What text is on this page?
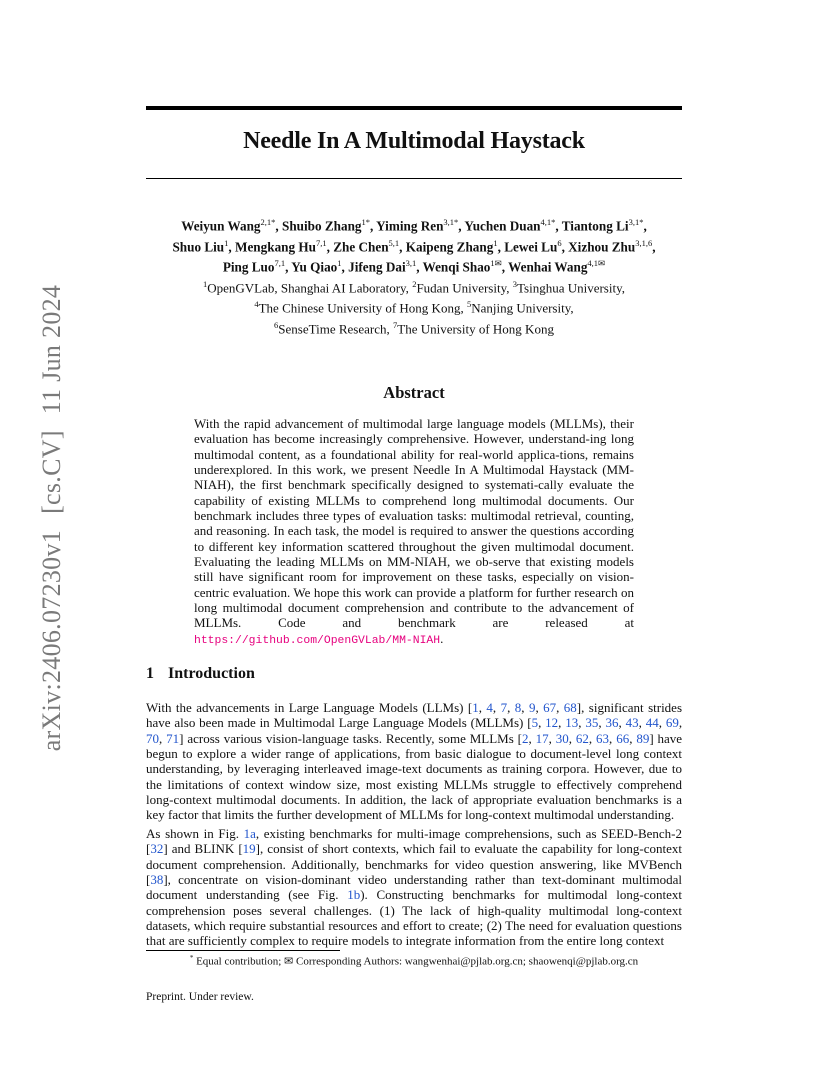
Needle In A Multimodal Haystack
arXiv:2406.07230v1[cs.CV]11 Jun 2024
Weiyun Wang$^{2,1*}$, Shuibo Zhang$^{1*}$, Yiming Ren$^{3,1*}$, Yuchen Duan$^{4,1*}$, Tiantong $Li^{3,1*}$,
Shuo Liu$^1$, Mengkang Hu$^{7,1}$, Zhe Chen$^{5,1}$, Kaipeng Zhang$^1$, Lewei Lu$^6$, Xizhou Zhu$^{3,1,6}$,
Ping Luo$^{7,1}$, Yu Qiao$^1$, Jifeng Dai$^{3,1}$, Wenqi Shao$^{1✉}$, Wenhai Wang$^{4,1✉}$
$^1$OpenGVLab, Shanghai AI Laboratory, $^2$Fudan University, $^3$Tsinghua University,
$^4$The Chinese University of Hong Kong, $^5$Nanjing University,
$^6$SenseTime Research, $^7$The University of Hong Kong
Abstract
With the rapid advancement of multimodal large language models (MLLMs), their evaluation has become increasingly comprehensive. However, understand-ing long multimodal content, as a foundational ability for real-world applica-tions, remains underexplored. In this work, we present Needle In A Multimodal Haystack (MM-NIAH), the first benchmark specifically designed to systemati-cally evaluate the capability of existing MLLMs to comprehend long multimodal documents. Our benchmark includes three types of evaluation tasks: multimodal retrieval, counting, and reasoning. In each task, the model is required to answer the questions according to different key information scattered throughout the given multimodal document. Evaluating the leading MLLMs on MM-NIAH, we ob-serve that existing models still have significant room for improvement on these tasks, especially on vision-centric evaluation. We hope this work can provide a platform for further research on long multimodal document comprehension and contribute to the advancement of MLLMs. Code and benchmark are released at https://github.com/OpenGVLab/MM-NIAH.
1 Introduction
With the advancements in Large Language Models (LLMs) [1, 4, 7, 8, 9, 67, 68], significant strides have also been made in Multimodal Large Language Models (MLLMs) [5, 12, 13, 35, 36, 43, 44, 69, 70, 71] across various vision-language tasks. Recently, some MLLMs [2, 17, 30, 62, 63, 66, 89] have begun to explore a wider range of applications, from basic dialogue to document-level long context understanding, by leveraging interleaved image-text documents as training corpora. However, due to the limitations of context window size, most existing MLLMs struggle to effectively comprehend long-context multimodal documents. In addition, the lack of appropriate evaluation benchmarks is a key factor that limits the further development of MLLMs for long-context multimodal understanding.
As shown in Fig. 1a, existing benchmarks for multi-image comprehensions, such as SEED-Bench-2 [32] and BLINK [19], consist of short contexts, which fail to evaluate the capability for long-context document comprehension. Additionally, benchmarks for video question answering, like MVBench [38], concentrate on vision-dominant video understanding rather than text-dominant multimodal document understanding (see Fig. 1b). Constructing benchmarks for multimodal long-context comprehension poses several challenges. (1) The lack of high-quality multimodal long-context datasets, which require substantial resources and effort to create; (2) The need for evaluation questions that are sufficiently complex to require models to integrate information from the entire long context
* Equal contribution; ✉ Corresponding Authors: wangwenhai@pjlab.org.cn; shaowenqi@pjlab.org.cn
Preprint. Under review.
